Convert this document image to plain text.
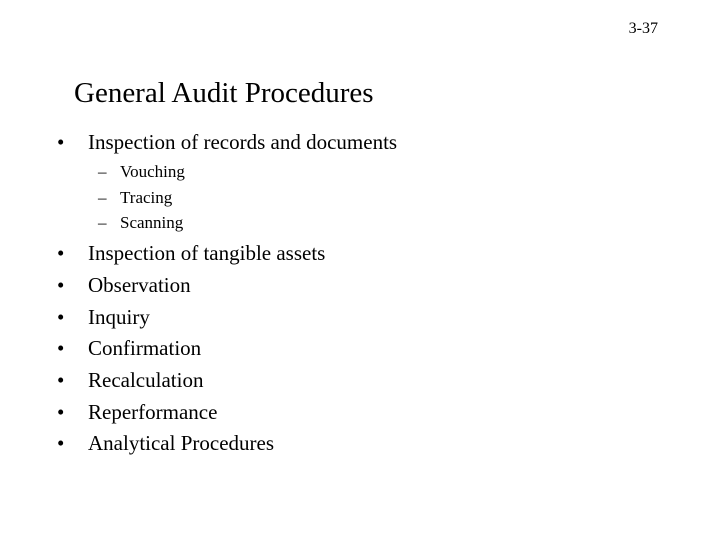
3-37
General Audit Procedures
• Inspection of records and documents
– Vouching
– Tracing
– Scanning
• Inspection of tangible assets
• Observation
• Inquiry
• Confirmation
• Recalculation
• Reperformance
• Analytical Procedures
